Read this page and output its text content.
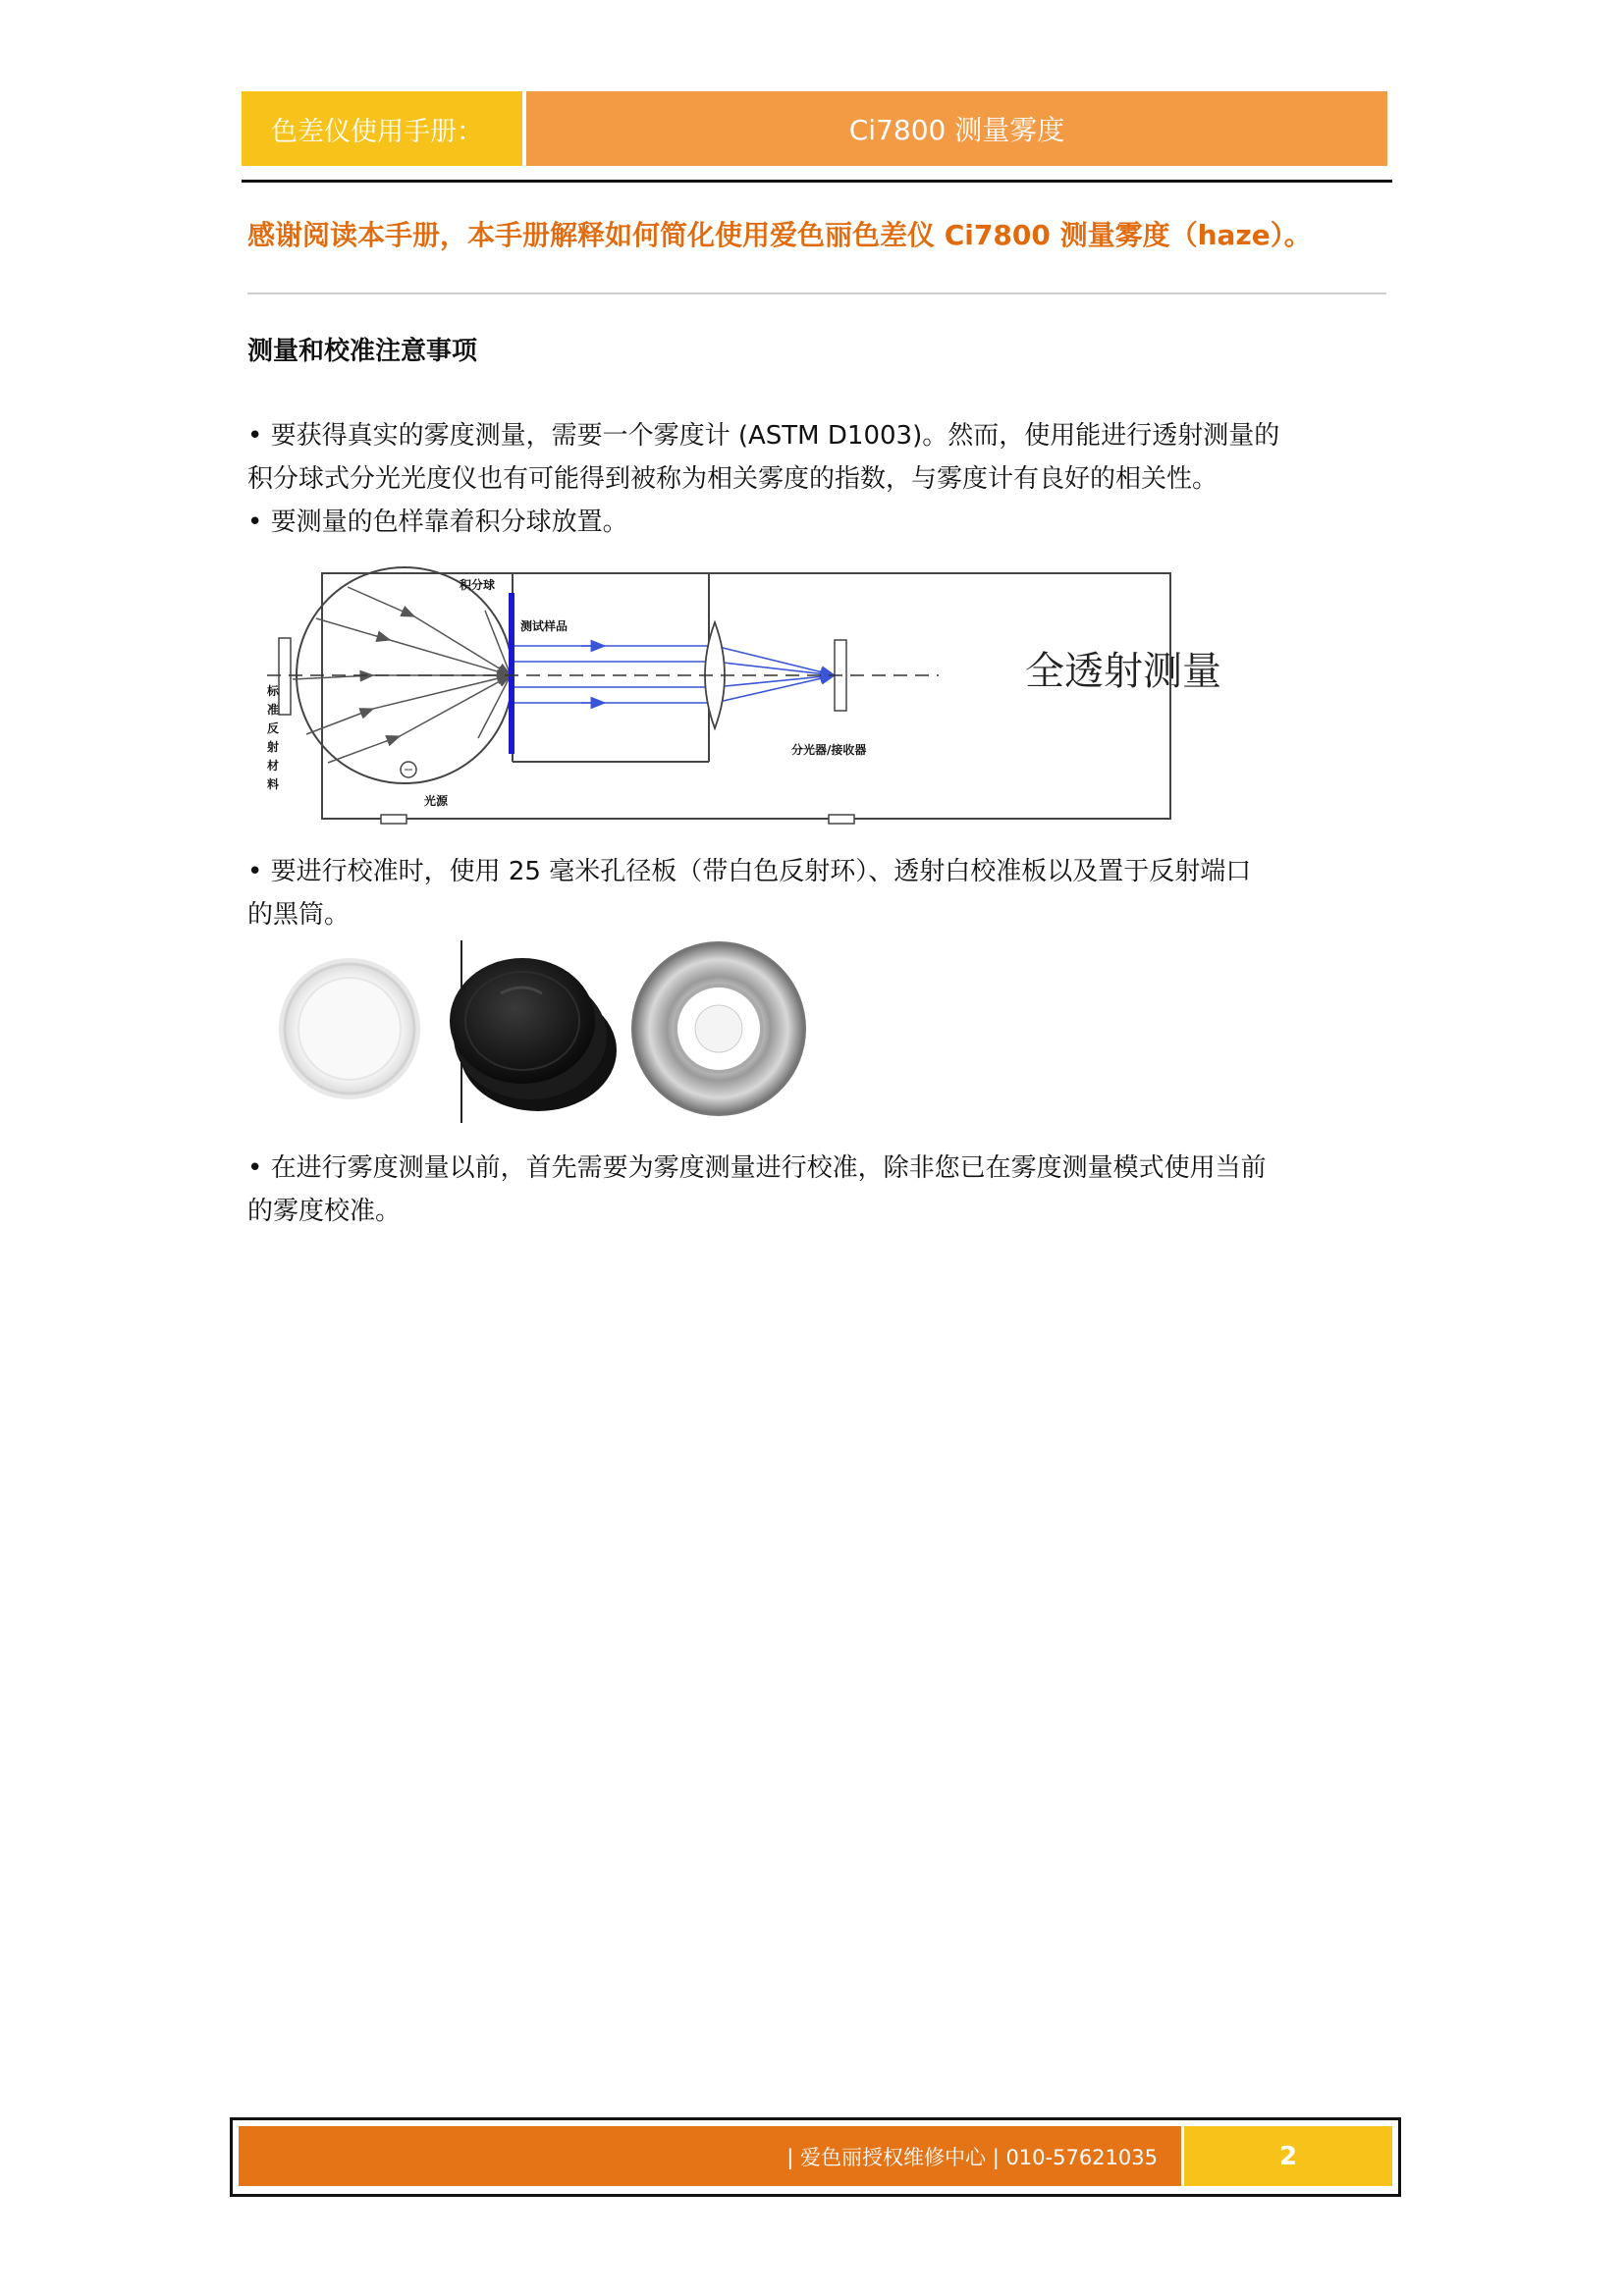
色差仪使用手册：	Ci7800 测量雾度
感谢阅读本手册，本手册解释如何简化使用爱色丽色差仪 Ci7800 测量雾度（haze）。
测量和校准注意事项
• 要获得真实的雾度测量，需要一个雾度计 (ASTM D1003)。然而，使用能进行透射测量的
积分球式分光光度仪也有可能得到被称为相关雾度的指数，与雾度计有良好的相关性。
• 要测量的色样靠着积分球放置。
积分球
测试样品
分光器/接收器
光源
标
准
反
射
材
料
全透射测量
• 要进行校准时，使用 25 毫米孔径板（带白色反射环）、透射白校准板以及置于反射端口
的黑筒。
• 在进行雾度测量以前，首先需要为雾度测量进行校准，除非您已在雾度测量模式使用当前
的雾度校准。
| 爱色丽授权维修中心 | 010-57621035	2
